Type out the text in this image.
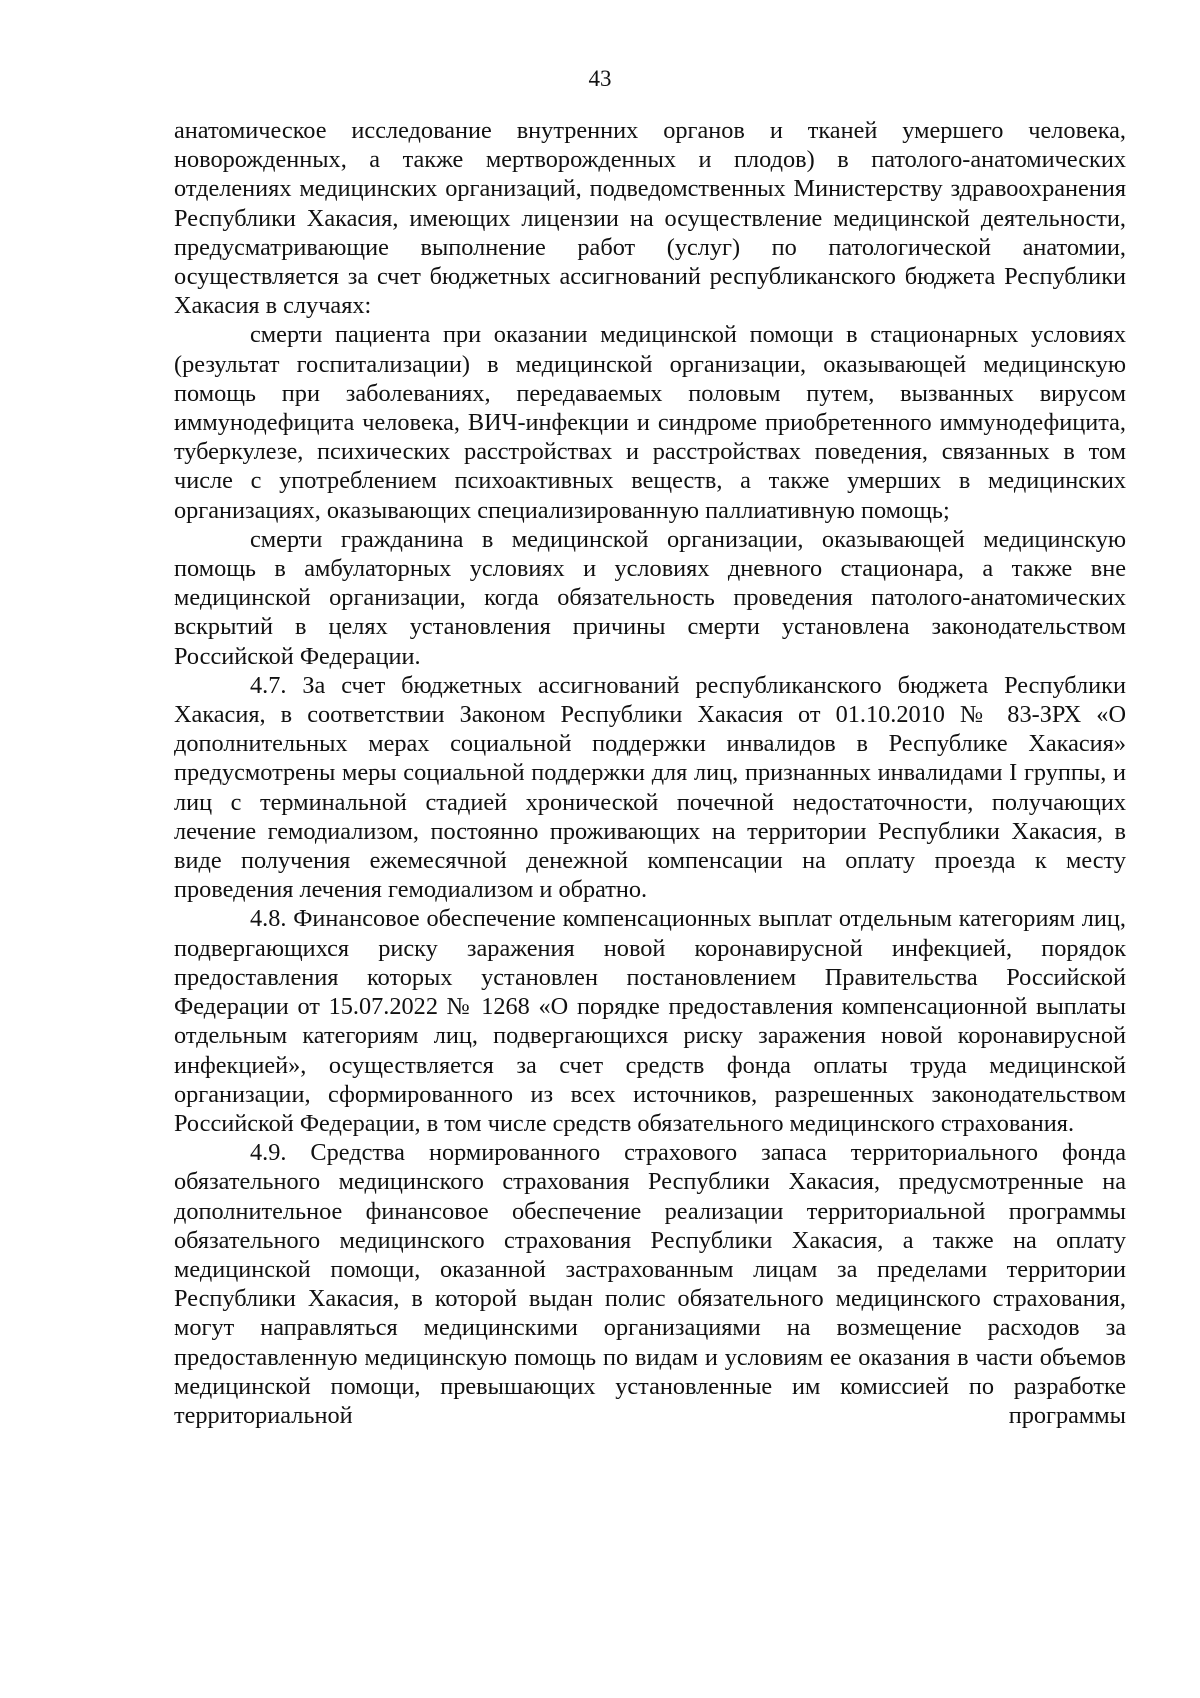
43

анатомическое исследование внутренних органов и тканей умершего человека, новорожденных, а также мертворожденных и плодов) в патолого-анатомических отделениях медицинских организаций, подведомственных Министерству здравоохранения Республики Хакасия, имеющих лицензии на осуществление медицинской деятельности, предусматривающие выполнение работ (услуг) по патологической анатомии, осуществляется за счет бюджетных ассигнований республиканского бюджета Республики Хакасия в случаях:

смерти пациента при оказании медицинской помощи в стационарных условиях (результат госпитализации) в медицинской организации, оказывающей медицинскую помощь при заболеваниях, передаваемых половым путем, вызванных вирусом иммунодефицита человека, ВИЧ-инфекции и синдроме приобретенного иммунодефицита, туберкулезе, психических расстройствах и расстройствах поведения, связанных в том числе с употреблением психоактивных веществ, а также умерших в медицинских организациях, оказывающих специализированную паллиативную помощь;

смерти гражданина в медицинской организации, оказывающей медицинскую помощь в амбулаторных условиях и условиях дневного стационара, а также вне медицинской организации, когда обязательность проведения патолого-анатомических вскрытий в целях установления причины смерти установлена законодательством Российской Федерации.

4.7. За счет бюджетных ассигнований республиканского бюджета Республики Хакасия, в соответствии Законом Республики Хакасия от 01.10.2010 № 83-ЗРХ «О дополнительных мерах социальной поддержки инвалидов в Республике Хакасия» предусмотрены меры социальной поддержки для лиц, признанных инвалидами I группы, и лиц с терминальной стадией хронической почечной недостаточности, получающих лечение гемодиализом, постоянно проживающих на территории Республики Хакасия, в виде получения ежемесячной денежной компенсации на оплату проезда к месту проведения лечения гемодиализом и обратно.

4.8. Финансовое обеспечение компенсационных выплат отдельным категориям лиц, подвергающихся риску заражения новой коронавирусной инфекцией, порядок предоставления которых установлен постановлением Правительства Российской Федерации от 15.07.2022 № 1268 «О порядке предоставления компенсационной выплаты отдельным категориям лиц, подвергающихся риску заражения новой коронавирусной инфекцией», осуществляется за счет средств фонда оплаты труда медицинской организации, сформированного из всех источников, разрешенных законодательством Российской Федерации, в том числе средств обязательного медицинского страхования.

4.9. Средства нормированного страхового запаса территориального фонда обязательного медицинского страхования Республики Хакасия, предусмотренные на дополнительное финансовое обеспечение реализации территориальной программы обязательного медицинского страхования Республики Хакасия, а также на оплату медицинской помощи, оказанной застрахованным лицам за пределами территории Республики Хакасия, в которой выдан полис обязательного медицинского страхования, могут направляться медицинскими организациями на возмещение расходов за предоставленную медицинскую помощь по видам и условиям ее оказания в части объемов медицинской помощи, превышающих установленные им комиссией по разработке территориальной программы
